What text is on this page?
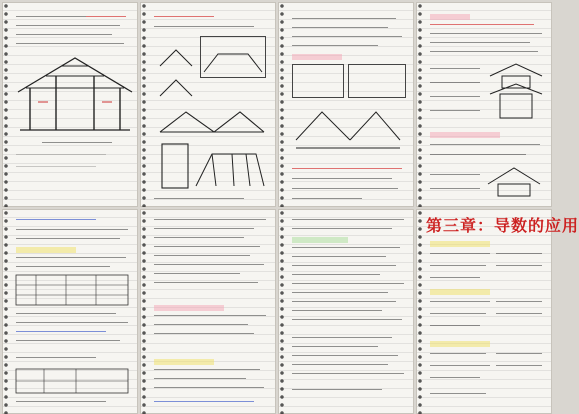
第三章：导数的应用
